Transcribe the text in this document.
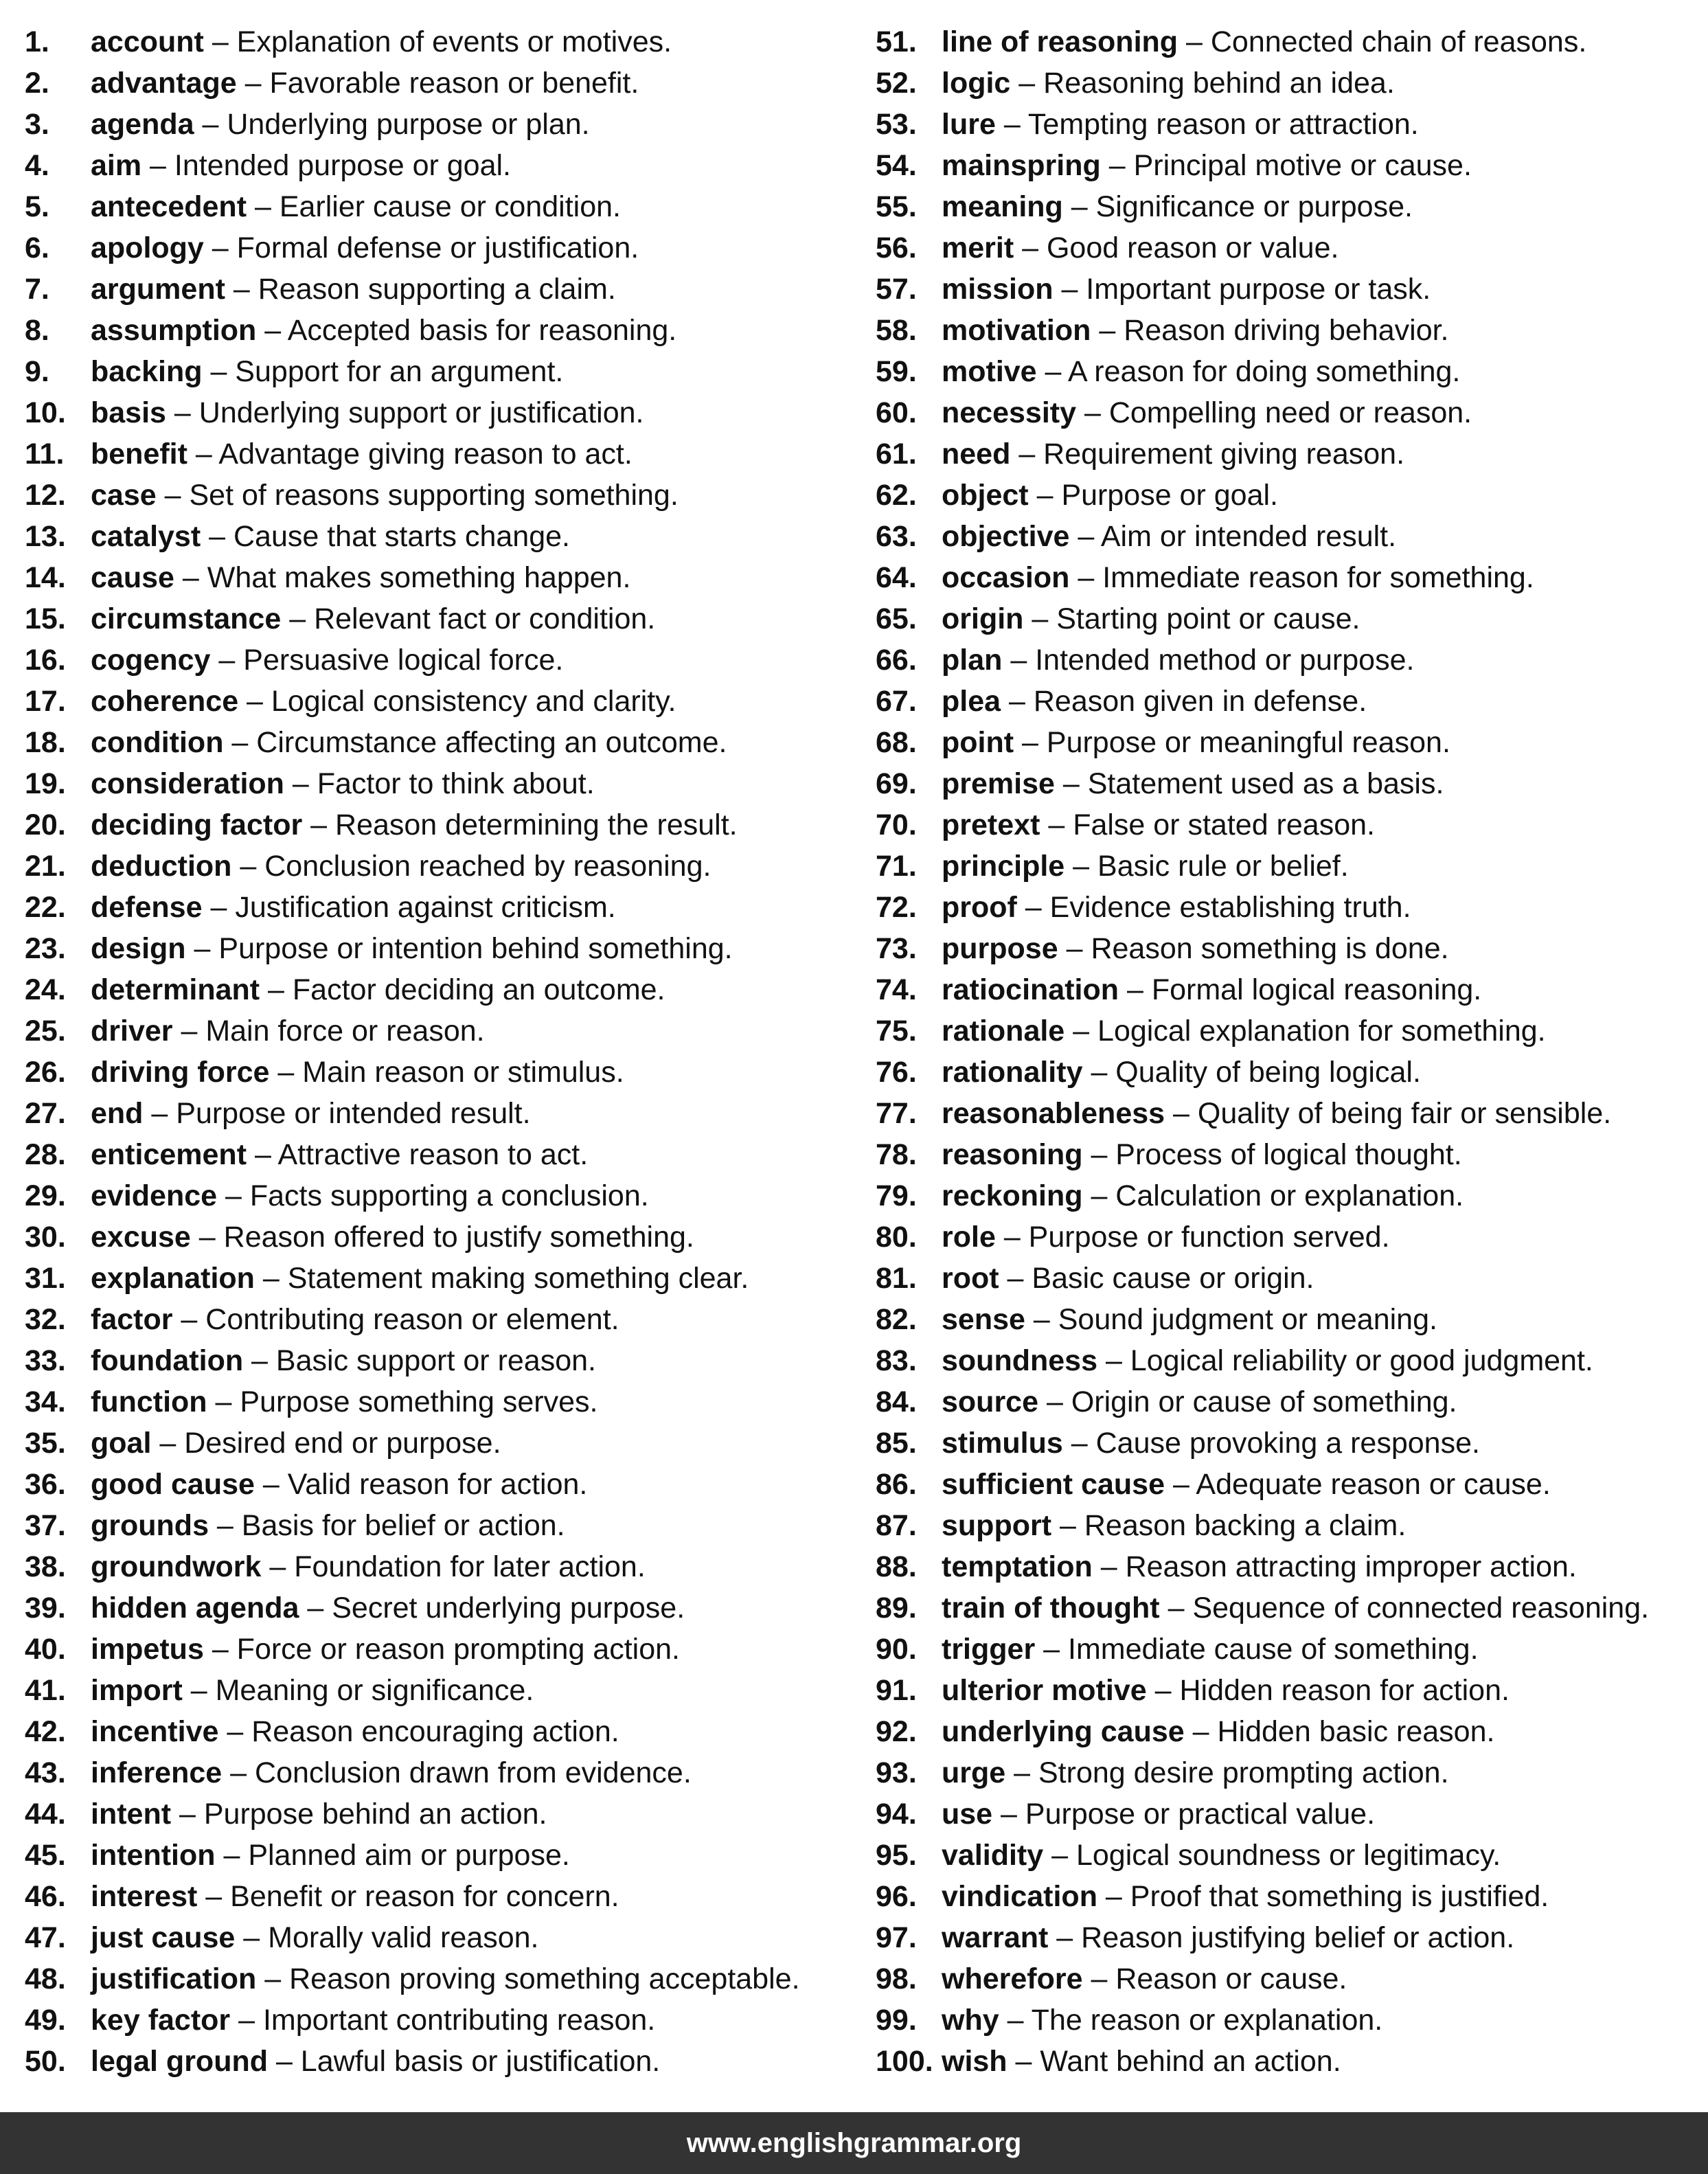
1. account – Explanation of events or motives.
2. advantage – Favorable reason or benefit.
3. agenda – Underlying purpose or plan.
4. aim – Intended purpose or goal.
5. antecedent – Earlier cause or condition.
6. apology – Formal defense or justification.
7. argument – Reason supporting a claim.
8. assumption – Accepted basis for reasoning.
9. backing – Support for an argument.
10. basis – Underlying support or justification.
11. benefit – Advantage giving reason to act.
12. case – Set of reasons supporting something.
13. catalyst – Cause that starts change.
14. cause – What makes something happen.
15. circumstance – Relevant fact or condition.
16. cogency – Persuasive logical force.
17. coherence – Logical consistency and clarity.
18. condition – Circumstance affecting an outcome.
19. consideration – Factor to think about.
20. deciding factor – Reason determining the result.
21. deduction – Conclusion reached by reasoning.
22. defense – Justification against criticism.
23. design – Purpose or intention behind something.
24. determinant – Factor deciding an outcome.
25. driver – Main force or reason.
26. driving force – Main reason or stimulus.
27. end – Purpose or intended result.
28. enticement – Attractive reason to act.
29. evidence – Facts supporting a conclusion.
30. excuse – Reason offered to justify something.
31. explanation – Statement making something clear.
32. factor – Contributing reason or element.
33. foundation – Basic support or reason.
34. function – Purpose something serves.
35. goal – Desired end or purpose.
36. good cause – Valid reason for action.
37. grounds – Basis for belief or action.
38. groundwork – Foundation for later action.
39. hidden agenda – Secret underlying purpose.
40. impetus – Force or reason prompting action.
41. import – Meaning or significance.
42. incentive – Reason encouraging action.
43. inference – Conclusion drawn from evidence.
44. intent – Purpose behind an action.
45. intention – Planned aim or purpose.
46. interest – Benefit or reason for concern.
47. just cause – Morally valid reason.
48. justification – Reason proving something acceptable.
49. key factor – Important contributing reason.
50. legal ground – Lawful basis or justification.
51. line of reasoning – Connected chain of reasons.
52. logic – Reasoning behind an idea.
53. lure – Tempting reason or attraction.
54. mainspring – Principal motive or cause.
55. meaning – Significance or purpose.
56. merit – Good reason or value.
57. mission – Important purpose or task.
58. motivation – Reason driving behavior.
59. motive – A reason for doing something.
60. necessity – Compelling need or reason.
61. need – Requirement giving reason.
62. object – Purpose or goal.
63. objective – Aim or intended result.
64. occasion – Immediate reason for something.
65. origin – Starting point or cause.
66. plan – Intended method or purpose.
67. plea – Reason given in defense.
68. point – Purpose or meaningful reason.
69. premise – Statement used as a basis.
70. pretext – False or stated reason.
71. principle – Basic rule or belief.
72. proof – Evidence establishing truth.
73. purpose – Reason something is done.
74. ratiocination – Formal logical reasoning.
75. rationale – Logical explanation for something.
76. rationality – Quality of being logical.
77. reasonableness – Quality of being fair or sensible.
78. reasoning – Process of logical thought.
79. reckoning – Calculation or explanation.
80. role – Purpose or function served.
81. root – Basic cause or origin.
82. sense – Sound judgment or meaning.
83. soundness – Logical reliability or good judgment.
84. source – Origin or cause of something.
85. stimulus – Cause provoking a response.
86. sufficient cause – Adequate reason or cause.
87. support – Reason backing a claim.
88. temptation – Reason attracting improper action.
89. train of thought – Sequence of connected reasoning.
90. trigger – Immediate cause of something.
91. ulterior motive – Hidden reason for action.
92. underlying cause – Hidden basic reason.
93. urge – Strong desire prompting action.
94. use – Purpose or practical value.
95. validity – Logical soundness or legitimacy.
96. vindication – Proof that something is justified.
97. warrant – Reason justifying belief or action.
98. wherefore – Reason or cause.
99. why – The reason or explanation.
100. wish – Want behind an action.
www.englishgrammar.org
